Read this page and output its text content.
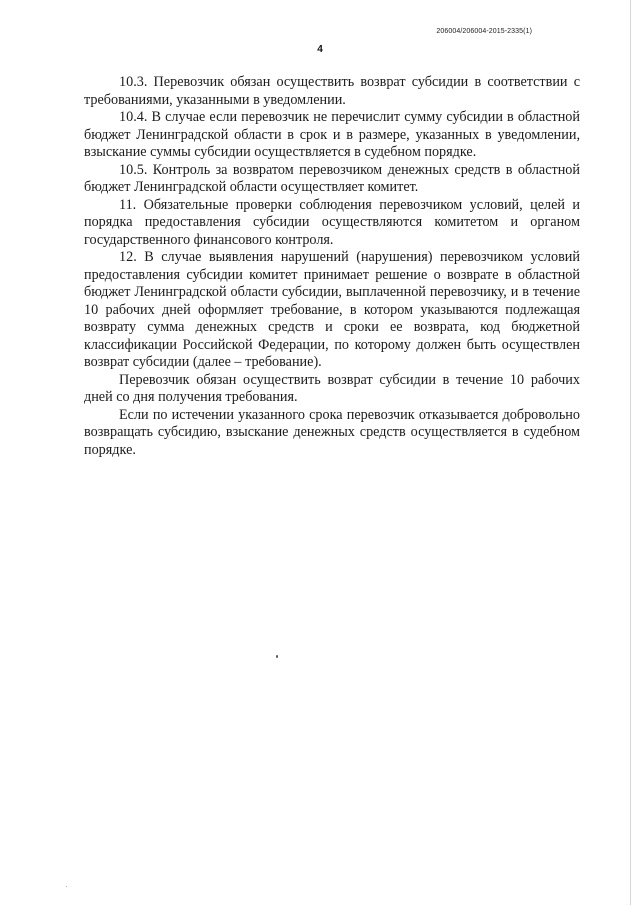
206004/206004-2015-2335(1)
4

10.3. Перевозчик обязан осуществить возврат субсидии в соответствии с требованиями, указанными в уведомлении.

10.4. В случае если перевозчик не перечислит сумму субсидии в областной бюджет Ленинградской области в срок и в размере, указанных в уведомлении, взыскание суммы субсидии осуществляется в судебном порядке.

10.5. Контроль за возвратом перевозчиком денежных средств в областной бюджет Ленинградской области осуществляет комитет.

11. Обязательные проверки соблюдения перевозчиком условий, целей и порядка предоставления субсидии осуществляются комитетом и органом государственного финансового контроля.

12. В случае выявления нарушений (нарушения) перевозчиком условий предоставления субсидии комитет принимает решение о возврате в областной бюджет Ленинградской области субсидии, выплаченной перевозчику, и в течение 10 рабочих дней оформляет требование, в котором указываются подлежащая возврату сумма денежных средств и сроки ее возврата, код бюджетной классификации Российской Федерации, по которому должен быть осуществлен возврат субсидии (далее – требование).

Перевозчик обязан осуществить возврат субсидии в течение 10 рабочих дней со дня получения требования.

Если по истечении указанного срока перевозчик отказывается добровольно возвращать субсидию, взыскание денежных средств осуществляется в судебном порядке.
